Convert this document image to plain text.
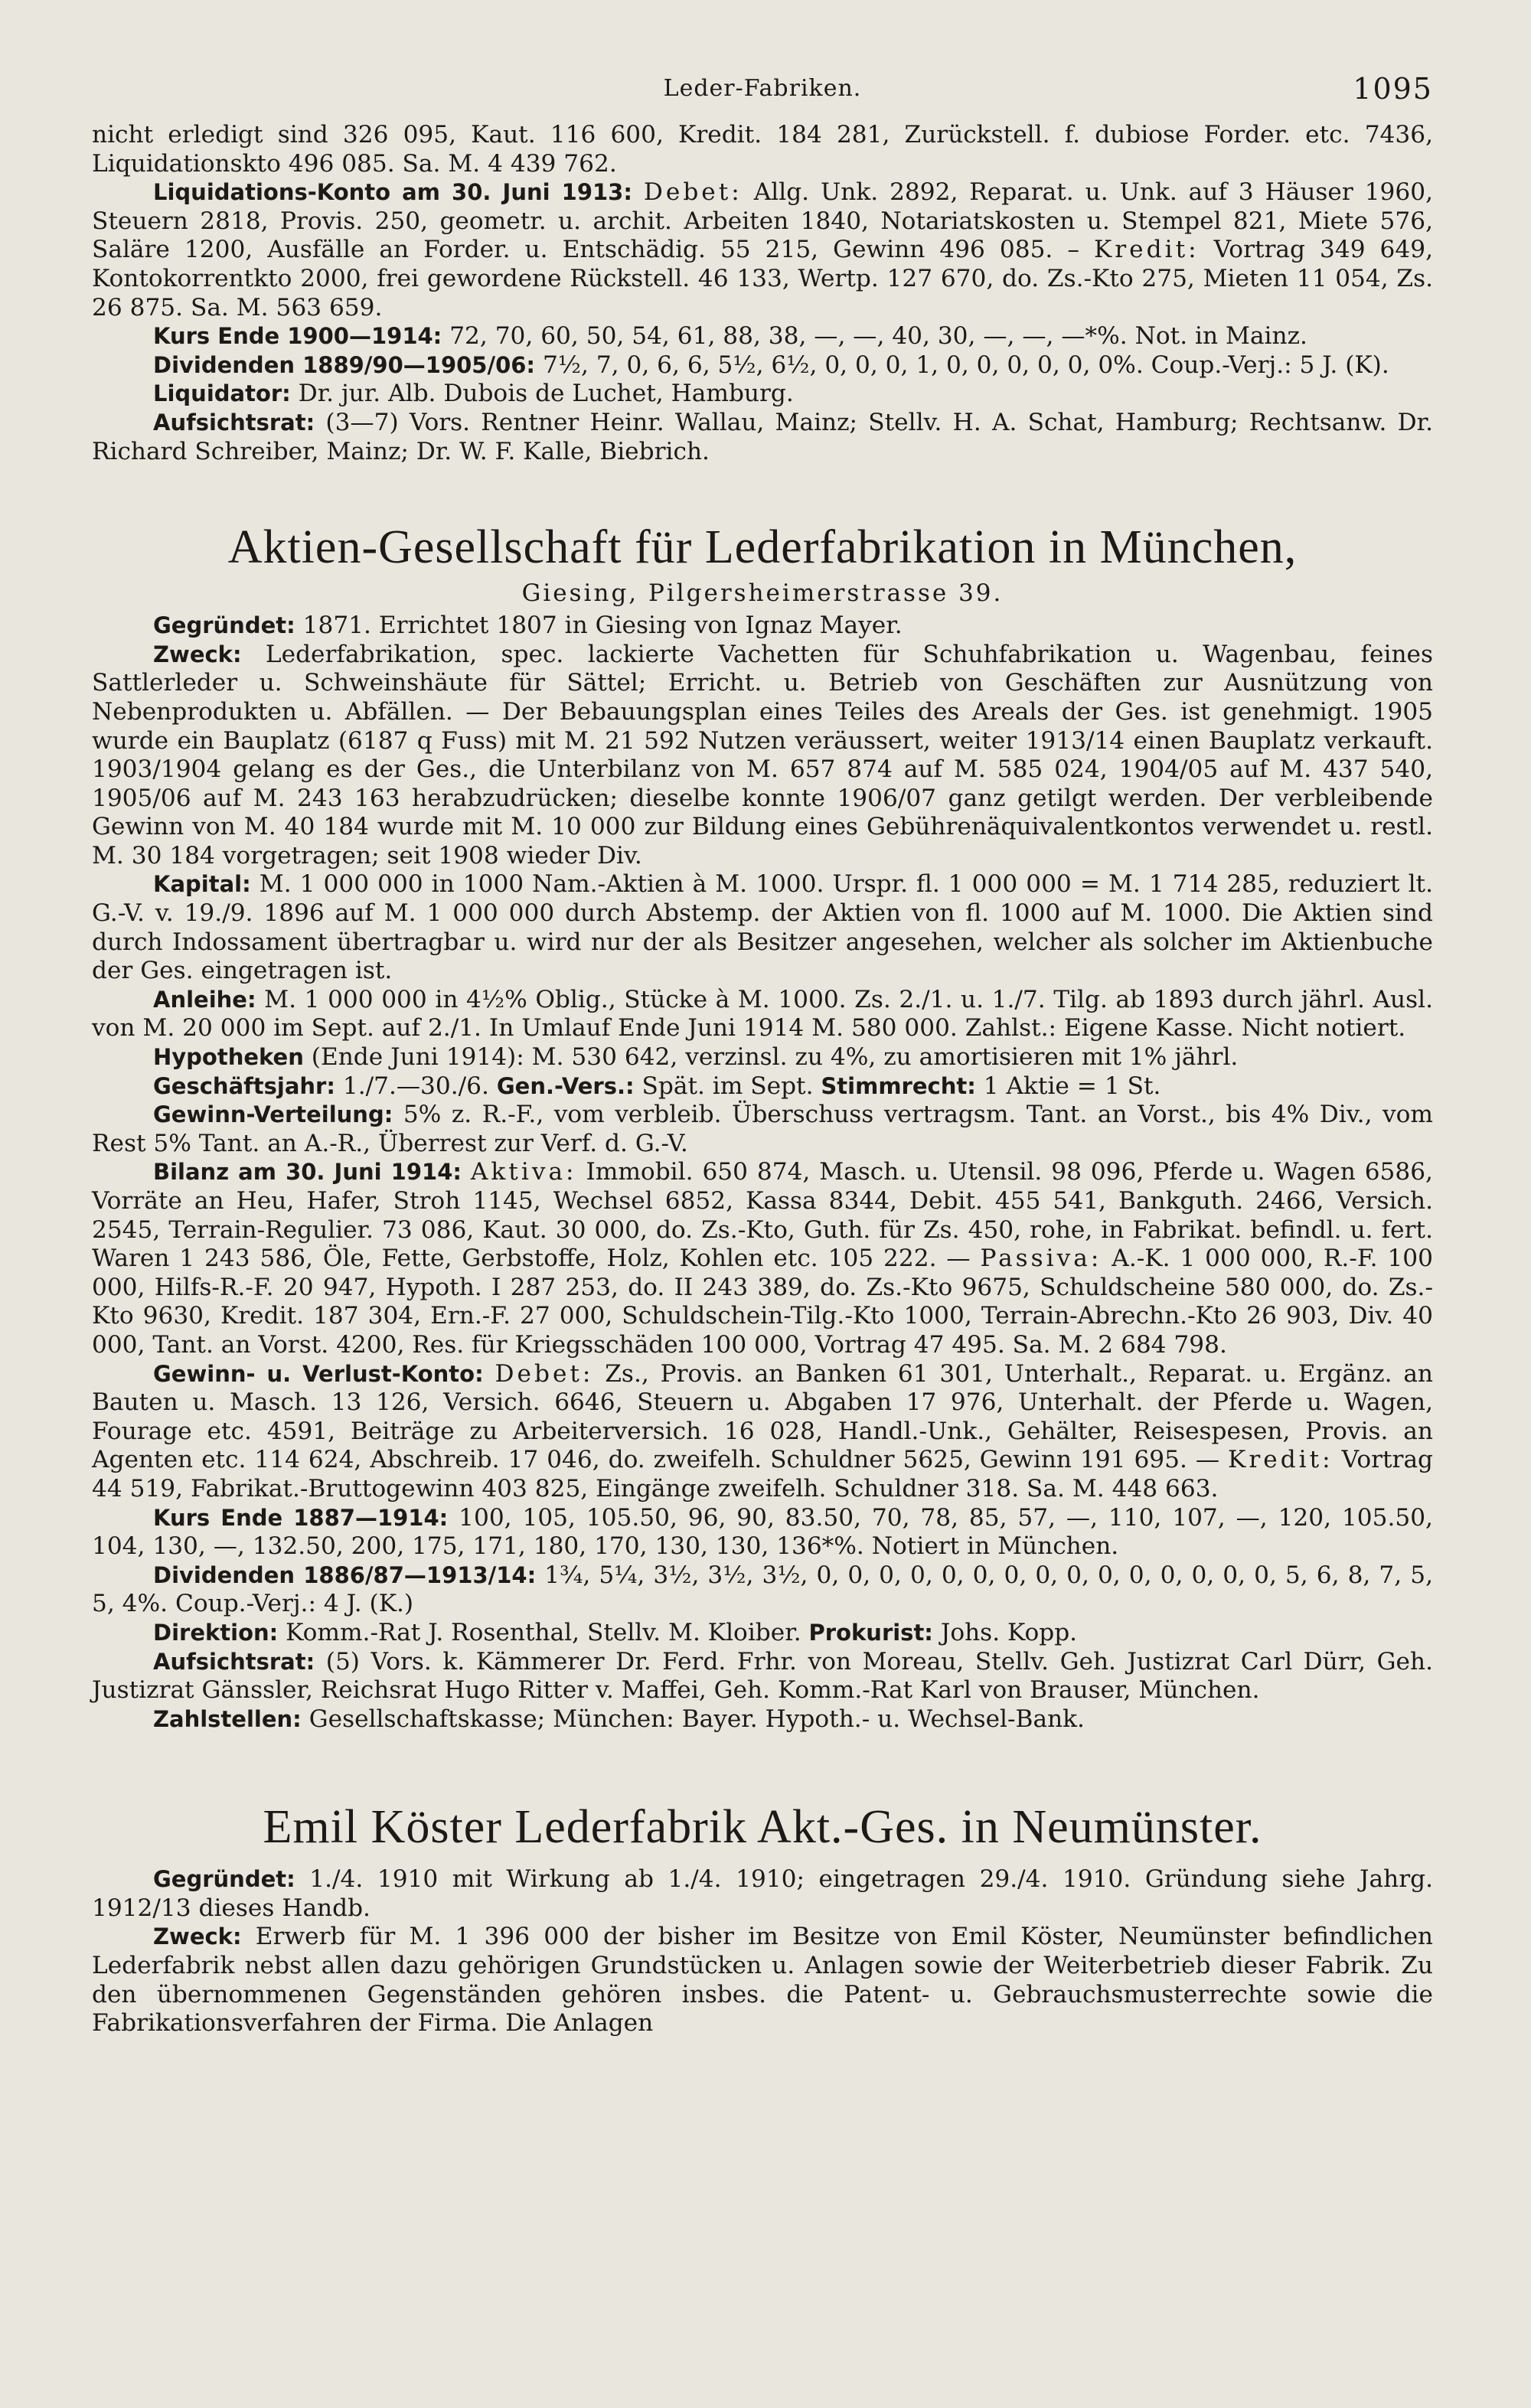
Leder-Fabriken.	1095

nicht erledigt sind 326 095, Kaut. 116 600, Kredit. 184 281, Zurückstell. f. dubiose Forder. etc. 7436, Liquidationskto 496 085. Sa. M. 4 439 762.

Liquidations-Konto am 30. Juni 1913: Debet: Allg. Unk. 2892, Reparat. u. Unk. auf 3 Häuser 1960, Steuern 2818, Provis. 250, geometr. u. archit. Arbeiten 1840, Notariatskosten u. Stempel 821, Miete 576, Saläre 1200, Ausfälle an Forder. u. Entschädig. 55 215, Gewinn 496 085. – Kredit: Vortrag 349 649, Kontokorrentkto 2000, frei gewordene Rückstell. 46 133, Wertp. 127 670, do. Zs.-Kto 275, Mieten 11 054, Zs. 26 875. Sa. M. 563 659.

Kurs Ende 1900—1914: 72, 70, 60, 50, 54, 61, 88, 38, —, —, 40, 30, —, —, —*%. Not. in Mainz.

Dividenden 1889/90—1905/06: 7½, 7, 0, 6, 6, 5½, 6½, 0, 0, 0, 1, 0, 0, 0, 0, 0, 0%. Coup.-Verj.: 5 J. (K).

Liquidator: Dr. jur. Alb. Dubois de Luchet, Hamburg.

Aufsichtsrat: (3—7) Vors. Rentner Heinr. Wallau, Mainz; Stellv. H. A. Schat, Hamburg; Rechtsanw. Dr. Richard Schreiber, Mainz; Dr. W. F. Kalle, Biebrich.

Aktien-Gesellschaft für Lederfabrikation in München,
Giesing, Pilgersheimerstrasse 39.

Gegründet: 1871. Errichtet 1807 in Giesing von Ignaz Mayer.

Zweck: Lederfabrikation, spec. lackierte Vachetten für Schuhfabrikation u. Wagenbau, feines Sattlerleder u. Schweinshäute für Sättel; Erricht. u. Betrieb von Geschäften zur Ausnützung von Nebenprodukten u. Abfällen. — Der Bebauungsplan eines Teiles des Areals der Ges. ist genehmigt. 1905 wurde ein Bauplatz (6187 q Fuss) mit M. 21 592 Nutzen veräussert, weiter 1913/14 einen Bauplatz verkauft. 1903/1904 gelang es der Ges., die Unterbilanz von M. 657 874 auf M. 585 024, 1904/05 auf M. 437 540, 1905/06 auf M. 243 163 herabzudrücken; dieselbe konnte 1906/07 ganz getilgt werden. Der verbleibende Gewinn von M. 40 184 wurde mit M. 10 000 zur Bildung eines Gebührenäquivalentkontos verwendet u. restl. M. 30 184 vorgetragen; seit 1908 wieder Div.

Kapital: M. 1 000 000 in 1000 Nam.-Aktien à M. 1000. Urspr. fl. 1 000 000 = M. 1 714 285, reduziert lt. G.-V. v. 19./9. 1896 auf M. 1 000 000 durch Abstemp. der Aktien von fl. 1000 auf M. 1000. Die Aktien sind durch Indossament übertragbar u. wird nur der als Besitzer angesehen, welcher als solcher im Aktienbuche der Ges. eingetragen ist.

Anleihe: M. 1 000 000 in 4½% Oblig., Stücke à M. 1000. Zs. 2./1. u. 1./7. Tilg. ab 1893 durch jährl. Ausl. von M. 20 000 im Sept. auf 2./1. In Umlauf Ende Juni 1914 M. 580 000. Zahlst.: Eigene Kasse. Nicht notiert.

Hypotheken (Ende Juni 1914): M. 530 642, verzinsl. zu 4%, zu amortisieren mit 1% jährl.

Geschäftsjahr: 1./7.—30./6. Gen.-Vers.: Spät. im Sept. Stimmrecht: 1 Aktie = 1 St.

Gewinn-Verteilung: 5% z. R.-F., vom verbleib. Überschuss vertragsm. Tant. an Vorst., bis 4% Div., vom Rest 5% Tant. an A.-R., Überrest zur Verf. d. G.-V.

Bilanz am 30. Juni 1914: Aktiva: Immobil. 650 874, Masch. u. Utensil. 98 096, Pferde u. Wagen 6586, Vorräte an Heu, Hafer, Stroh 1145, Wechsel 6852, Kassa 8344, Debit. 455 541, Bankguth. 2466, Versich. 2545, Terrain-Regulier. 73 086, Kaut. 30 000, do. Zs.-Kto, Guth. für Zs. 450, rohe, in Fabrikat. befindl. u. fert. Waren 1 243 586, Öle, Fette, Gerbstoffe, Holz, Kohlen etc. 105 222. — Passiva: A.-K. 1 000 000, R.-F. 100 000, Hilfs-R.-F. 20 947, Hypoth. I 287 253, do. II 243 389, do. Zs.-Kto 9675, Schuldscheine 580 000, do. Zs.-Kto 9630, Kredit. 187 304, Ern.-F. 27 000, Schuldschein-Tilg.-Kto 1000, Terrain-Abrechn.-Kto 26 903, Div. 40 000, Tant. an Vorst. 4200, Res. für Kriegsschäden 100 000, Vortrag 47 495. Sa. M. 2 684 798.

Gewinn- u. Verlust-Konto: Debet: Zs., Provis. an Banken 61 301, Unterhalt., Reparat. u. Ergänz. an Bauten u. Masch. 13 126, Versich. 6646, Steuern u. Abgaben 17 976, Unterhalt. der Pferde u. Wagen, Fourage etc. 4591, Beiträge zu Arbeiterversich. 16 028, Handl.-Unk., Gehälter, Reisespesen, Provis. an Agenten etc. 114 624, Abschreib. 17 046, do. zweifelh. Schuldner 5625, Gewinn 191 695. — Kredit: Vortrag 44 519, Fabrikat.-Bruttogewinn 403 825, Eingänge zweifelh. Schuldner 318. Sa. M. 448 663.

Kurs Ende 1887—1914: 100, 105, 105.50, 96, 90, 83.50, 70, 78, 85, 57, —, 110, 107, —, 120, 105.50, 104, 130, —, 132.50, 200, 175, 171, 180, 170, 130, 130, 136*%. Notiert in München.

Dividenden 1886/87—1913/14: 1¾, 5¼, 3½, 3½, 3½, 0, 0, 0, 0, 0, 0, 0, 0, 0, 0, 0, 0, 0, 0, 0, 5, 6, 8, 7, 5, 5, 4%. Coup.-Verj.: 4 J. (K.)

Direktion: Komm.-Rat J. Rosenthal, Stellv. M. Kloiber. Prokurist: Johs. Kopp.

Aufsichtsrat: (5) Vors. k. Kämmerer Dr. Ferd. Frhr. von Moreau, Stellv. Geh. Justizrat Carl Dürr, Geh. Justizrat Gänssler, Reichsrat Hugo Ritter v. Maffei, Geh. Komm.-Rat Karl von Brauser, München.

Zahlstellen: Gesellschaftskasse; München: Bayer. Hypoth.- u. Wechsel-Bank.

Emil Köster Lederfabrik Akt.-Ges. in Neumünster.

Gegründet: 1./4. 1910 mit Wirkung ab 1./4. 1910; eingetragen 29./4. 1910. Gründung siehe Jahrg. 1912/13 dieses Handb.

Zweck: Erwerb für M. 1 396 000 der bisher im Besitze von Emil Köster, Neumünster befindlichen Lederfabrik nebst allen dazu gehörigen Grundstücken u. Anlagen sowie der Weiterbetrieb dieser Fabrik. Zu den übernommenen Gegenständen gehören insbes. die Patent- u. Gebrauchsmusterrechte sowie die Fabrikationsverfahren der Firma. Die Anlagen
